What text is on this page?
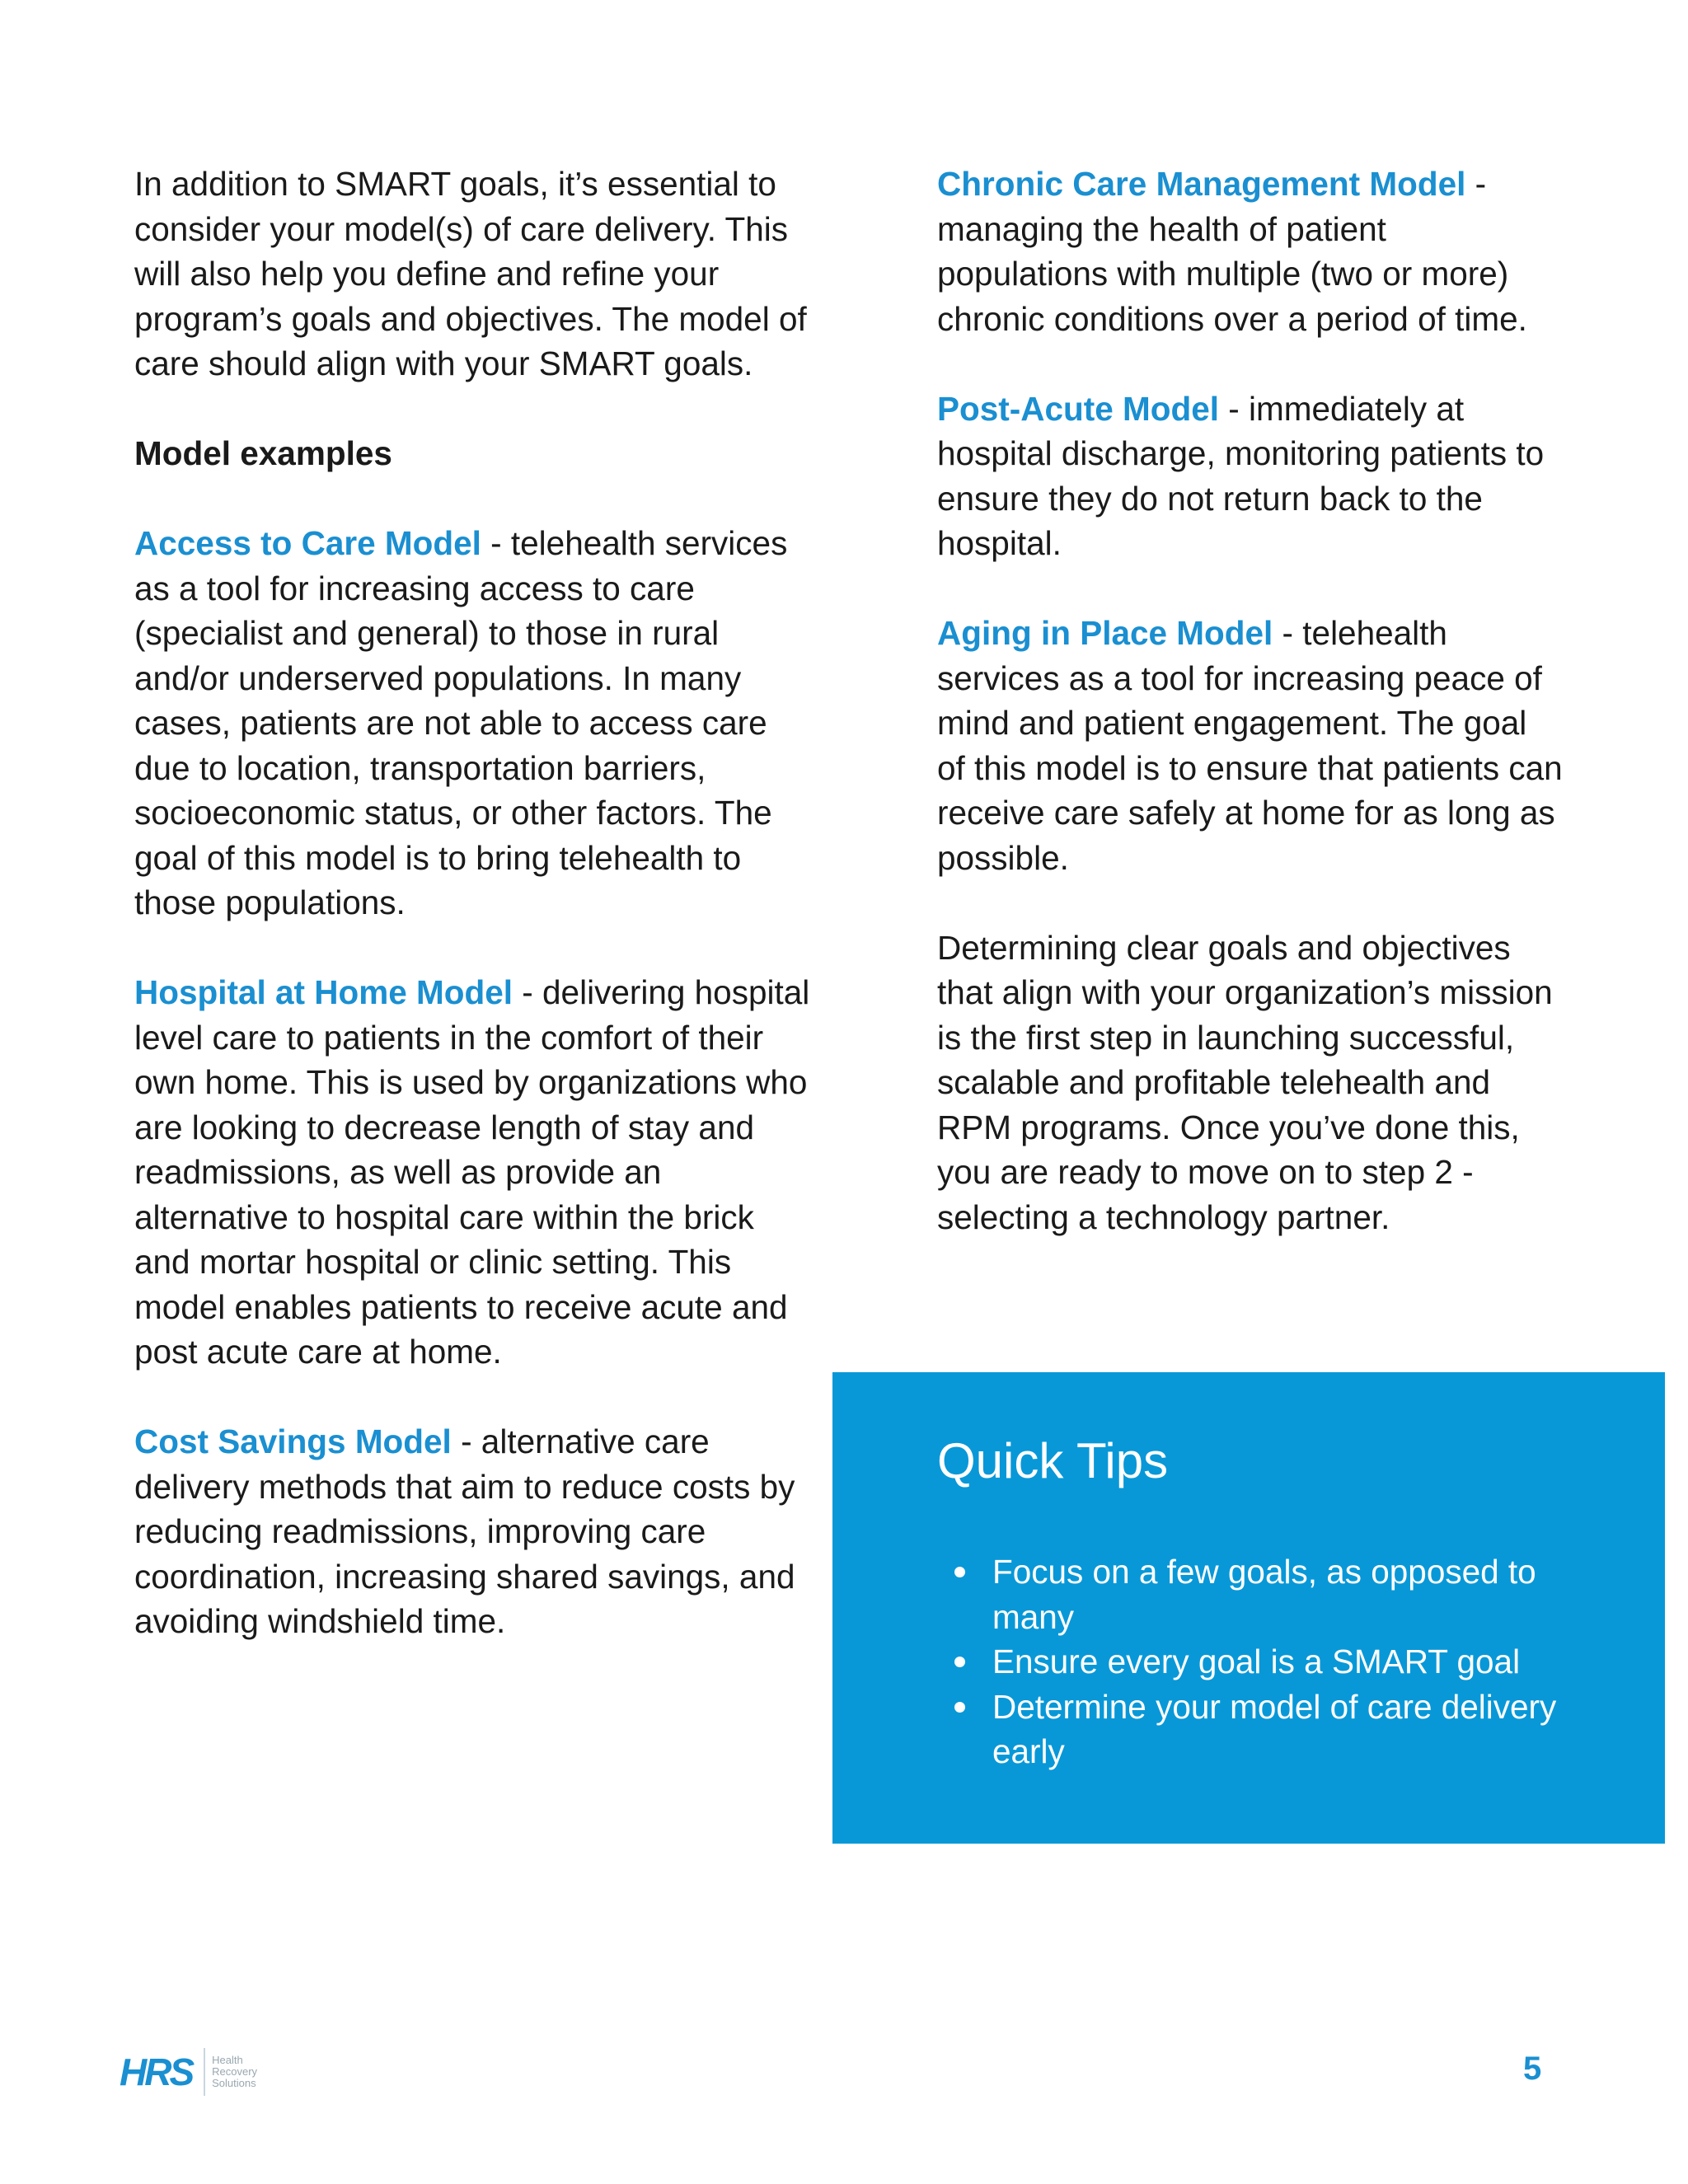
In addition to SMART goals, it’s essential to consider your model(s) of care delivery. This will also help you define and refine your program’s goals and objectives. The model of care should align with your SMART goals.

Model examples

Access to Care Model - telehealth services as a tool for increasing access to care (specialist and general) to those in rural and/or underserved populations. In many cases, patients are not able to access care due to location, transportation barriers, socioeconomic status, or other factors. The goal of this model is to bring telehealth to those populations.

Hospital at Home Model - delivering hospital level care to patients in the comfort of their own home. This is used by organizations who are looking to decrease length of stay and readmissions, as well as provide an alternative to hospital care within the brick and mortar hospital or clinic setting. This model enables patients to receive acute and post acute care at home.

Cost Savings Model - alternative care delivery methods that aim to reduce costs by reducing readmissions, improving care coordination, increasing shared savings, and avoiding windshield time.

Chronic Care Management Model - managing the health of patient populations with multiple (two or more) chronic conditions over a period of time.

Post-Acute Model - immediately at hospital discharge, monitoring patients to ensure they do not return back to the hospital.

Aging in Place Model - telehealth services as a tool for increasing peace of mind and patient engagement. The goal of this model is to ensure that patients can receive care safely at home for as long as possible.

Determining clear goals and objectives that align with your organization’s mission is the first step in launching successful, scalable and profitable telehealth and RPM programs. Once you’ve done this, you are ready to move on to step 2 - selecting a technology partner.

Quick Tips
Focus on a few goals, as opposed to many
Ensure every goal is a SMART goal
Determine your model of care delivery early
HRS Health
Recovery
Solutions	5
